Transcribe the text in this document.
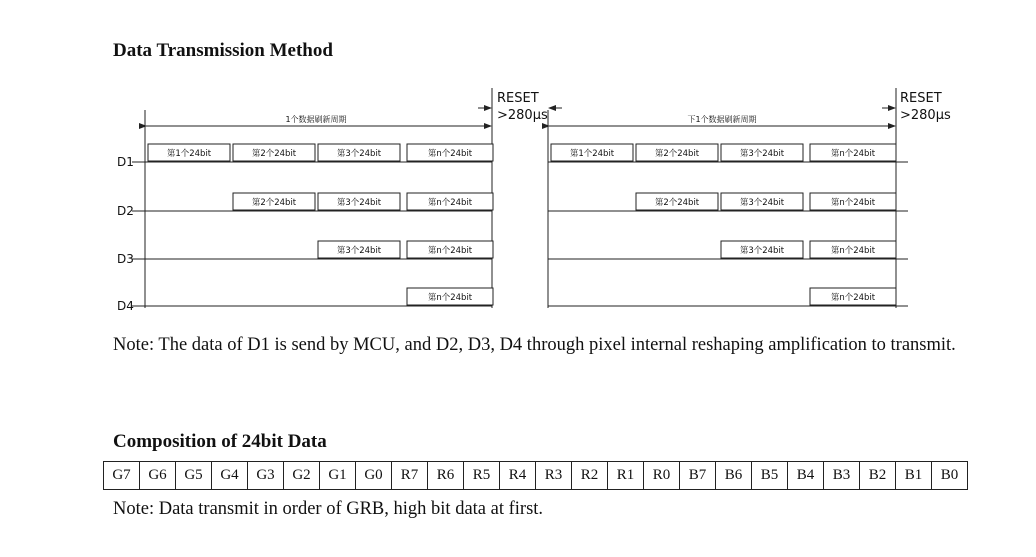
Data Transmission Method
RESET
>280μs
RESET
>280μs
1个数据刷新周期	下1个数据刷新周期
D1
第1个24bit	第2个24bit	第3个24bit	第n个24bit	第1个24bit	第2个24bit	第3个24bit	第n个24bit
D2
第2个24bit	第3个24bit	第n个24bit	第2个24bit	第3个24bit	第n个24bit
D3
第3个24bit	第n个24bit	第3个24bit	第n个24bit
D4
第n个24bit	第n个24bit

Note: The data of D1 is send by MCU, and D2, D3, D4 through pixel internal reshaping amplification to transmit.

Composition of 24bit Data
G7	G6	G5	G4	G3	G2	G1	G0	R7	R6	R5	R4	R3	R2	R1	R0	B7	B6	B5	B4	B3	B2	B1	B0

Note: Data transmit in order of GRB, high bit data at first.
